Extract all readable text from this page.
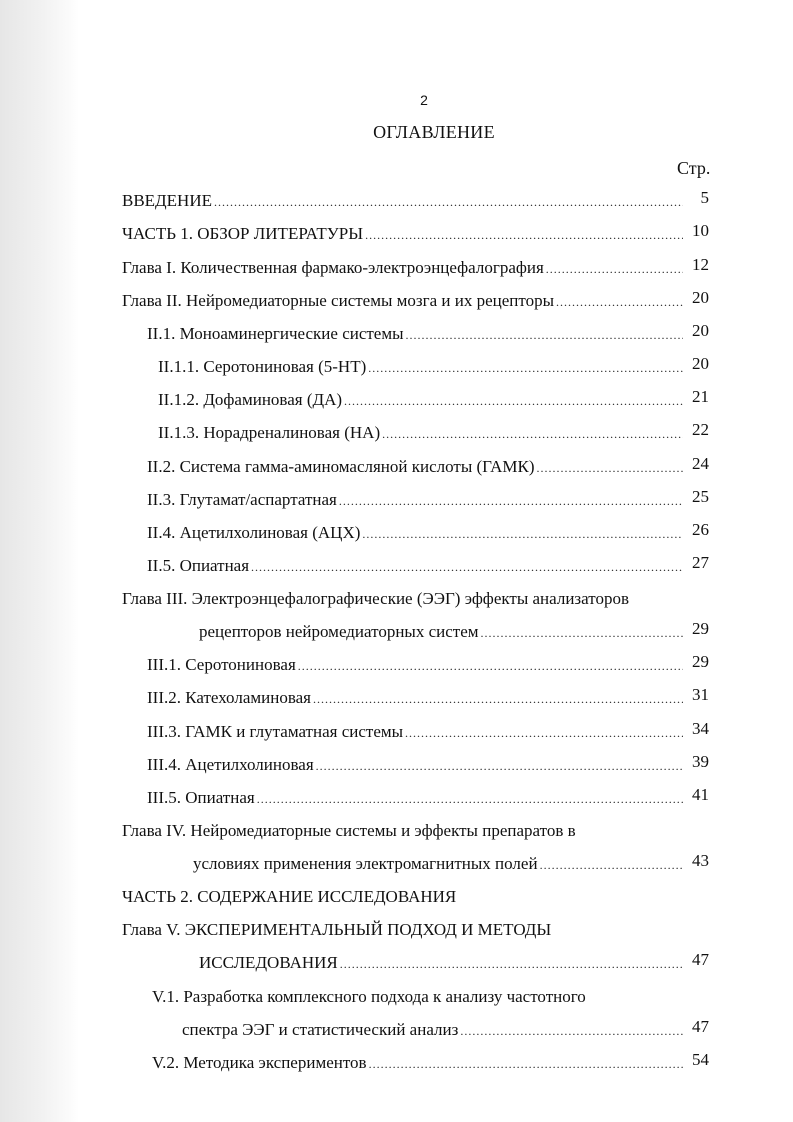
2
ОГЛАВЛЕНИЕ
Стр.
ВВЕДЕНИЕ .....	5
ЧАСТЬ 1. ОБЗОР ЛИТЕРАТУРЫ .....	10
Глава I. Количественная фармако-электроэнцефалография .....	12
Глава II. Нейромедиаторные системы мозга и их рецепторы .....	20
II.1. Моноаминергические системы .....	20
II.1.1. Серотониновая (5-НТ) .....	20
II.1.2. Дофаминовая (ДА) .....	21
II.1.3. Норадреналиновая (НА) .....	22
II.2. Система гамма-аминомасляной кислоты (ГАМК) .....	24
II.3. Глутамат/аспартатная .....	25
II.4. Ацетилхолиновая (АЦХ) .....	26
II.5. Опиатная .....	27
Глава III. Электроэнцефалографические (ЭЭГ) эффекты анализаторов
рецепторов нейромедиаторных систем .....	29
III.1. Серотониновая .....	29
III.2. Катехоламиновая .....	31
III.3. ГАМК и глутаматная системы .....	34
III.4. Ацетилхолиновая .....	39
III.5. Опиатная .....	41
Глава IV. Нейромедиаторные системы и эффекты препаратов в
условиях применения электромагнитных полей .....	43
ЧАСТЬ 2. СОДЕРЖАНИЕ ИССЛЕДОВАНИЯ
Глава V. ЭКСПЕРИМЕНТАЛЬНЫЙ ПОДХОД И МЕТОДЫ
ИССЛЕДОВАНИЯ .....	47
V.1. Разработка комплексного подхода к анализу частотного
спектра ЭЭГ и статистический анализ .....	47
V.2. Методика экспериментов .....	54
